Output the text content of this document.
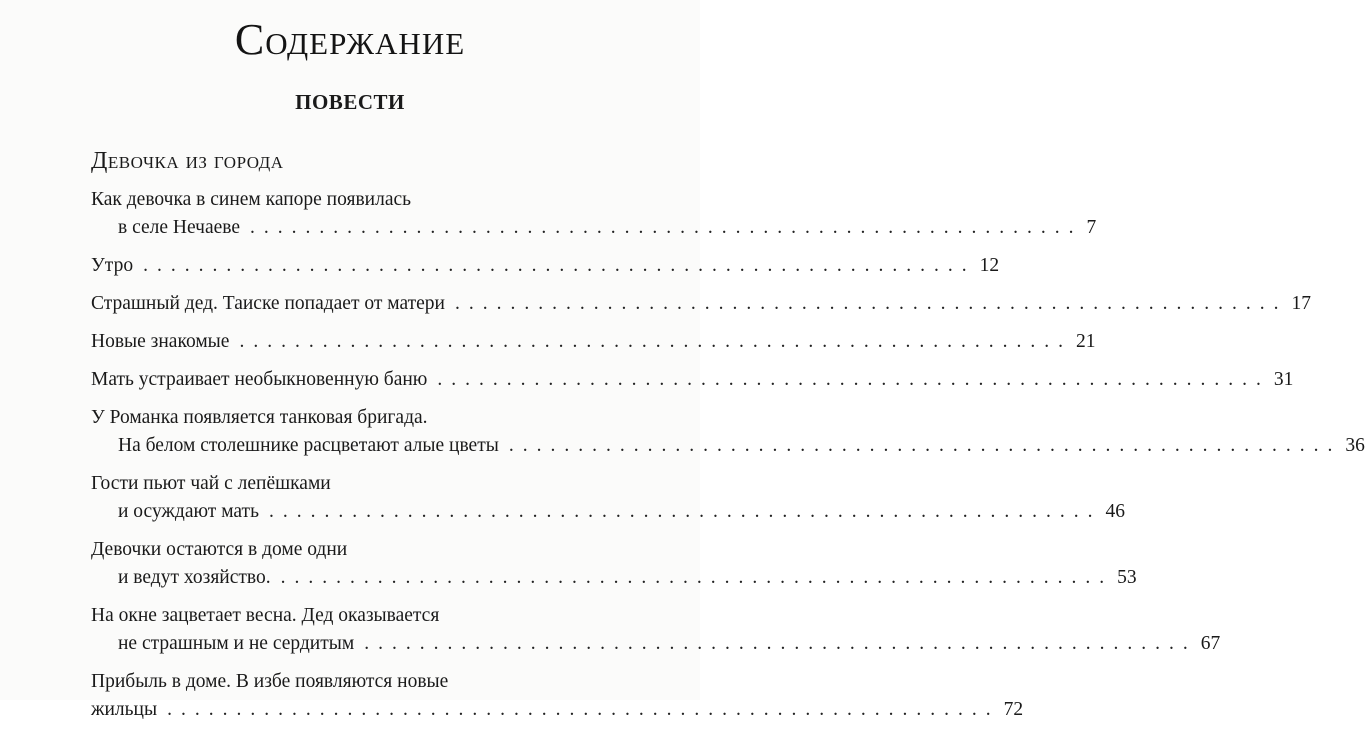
Содержание
ПОВЕСТИ
Девочка из города
Как девочка в синем капоре появилась
в селе Нечаеве ............................................................ 7
Утро ............................................................ 12
Страшный дед. Таиске попадает от матери ............................................................ 17
Новые знакомые ............................................................ 21
Мать устраивает необыкновенную баню ............................................................ 31
У Романка появляется танковая бригада.
На белом столешнике расцветают алые цветы ............................................................ 36
Гости пьют чай с лепёшками
и осуждают мать ............................................................ 46
Девочки остаются в доме одни
и ведут хозяйство. ............................................................ 53
На окне зацветает весна. Дед оказывается
не страшным и не сердитым ............................................................ 67
Прибыль в доме. В избе появляются новые
жильцы ............................................................ 72
